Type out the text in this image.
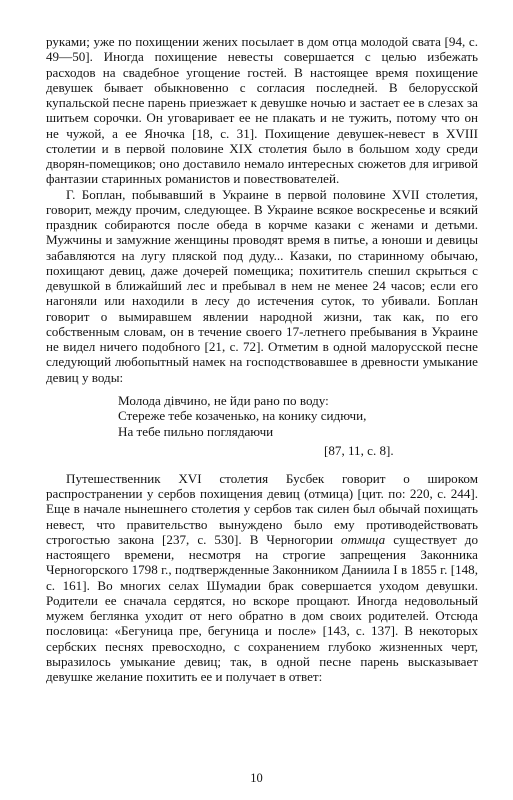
руками; уже по похищении жених посылает в дом отца молодой свата [94, с. 49—50]. Иногда похищение невесты совершается с целью избежать расходов на свадебное угощение гостей. В настоящее время похищение девушек бывает обыкновенно с согласия последней. В белорусской купальской песне парень приезжает к девушке ночью и застает ее в слезах за шитьем сорочки. Он уговаривает ее не плакать и не тужить, потому что он не чужой, а ее Яночка [18, с. 31]. Похищение девушек-невест в XVIII столетии и в первой половине XIX столетия было в большом ходу среди дворян-помещиков; оно доставило немало интересных сюжетов для игривой фантазии старинных романистов и повествователей.

Г. Боплан, побывавший в Украине в первой половине XVII столетия, говорит, между прочим, следующее. В Украине всякое воскресенье и всякий праздник собираются после обеда в корчме казаки с женами и детьми. Мужчины и замужние женщины проводят время в питье, а юноши и девицы забавляются на лугу пляской под дуду... Казаки, по старинному обычаю, похищают девиц, даже дочерей помещика; похититель спешил скрыться с девушкой в ближайший лес и пребывал в нем не менее 24 часов; если его нагоняли или находили в лесу до истечения суток, то убивали. Боплан говорит о вымиравшем явлении народной жизни, так как, по его собственным словам, он в течение своего 17-летнего пребывания в Украине не видел ничего подобного [21, с. 72]. Отметим в одной малорусской песне следующий любопытный намек на господствовавшее в древности умыкание девиц у воды:

Молода дівчино, не йди рано по воду:
Стереже тебе козаченько, на конику сидючи,
На тебе пильно поглядаючи
[87, 11, с. 8].

Путешественник XVI столетия Бусбек говорит о широком распространении у сербов похищения девиц (отмица) [цит. по: 220, с. 244]. Еще в начале нынешнего столетия у сербов так силен был обычай похищать невест, что правительство вынуждено было ему противодействовать строгостью закона [237, с. 530]. В Черногории отмица существует до настоящего времени, несмотря на строгие запрещения Законника Черногорского 1798 г., подтвержденные Законником Даниила I в 1855 г. [148, с. 161]. Во многих селах Шумадии брак совершается уходом девушки. Родители ее сначала сердятся, но вскоре прощают. Иногда недовольный мужем беглянка уходит от него обратно в дом своих родителей. Отсюда пословица: «Бегуница пре, бегуница и после» [143, с. 137]. В некоторых сербских песнях превосходно, с сохранением глубоко жизненных черт, выразилось умыкание девиц; так, в одной песне парень высказывает девушке желание похитить ее и получает в ответ:

10
